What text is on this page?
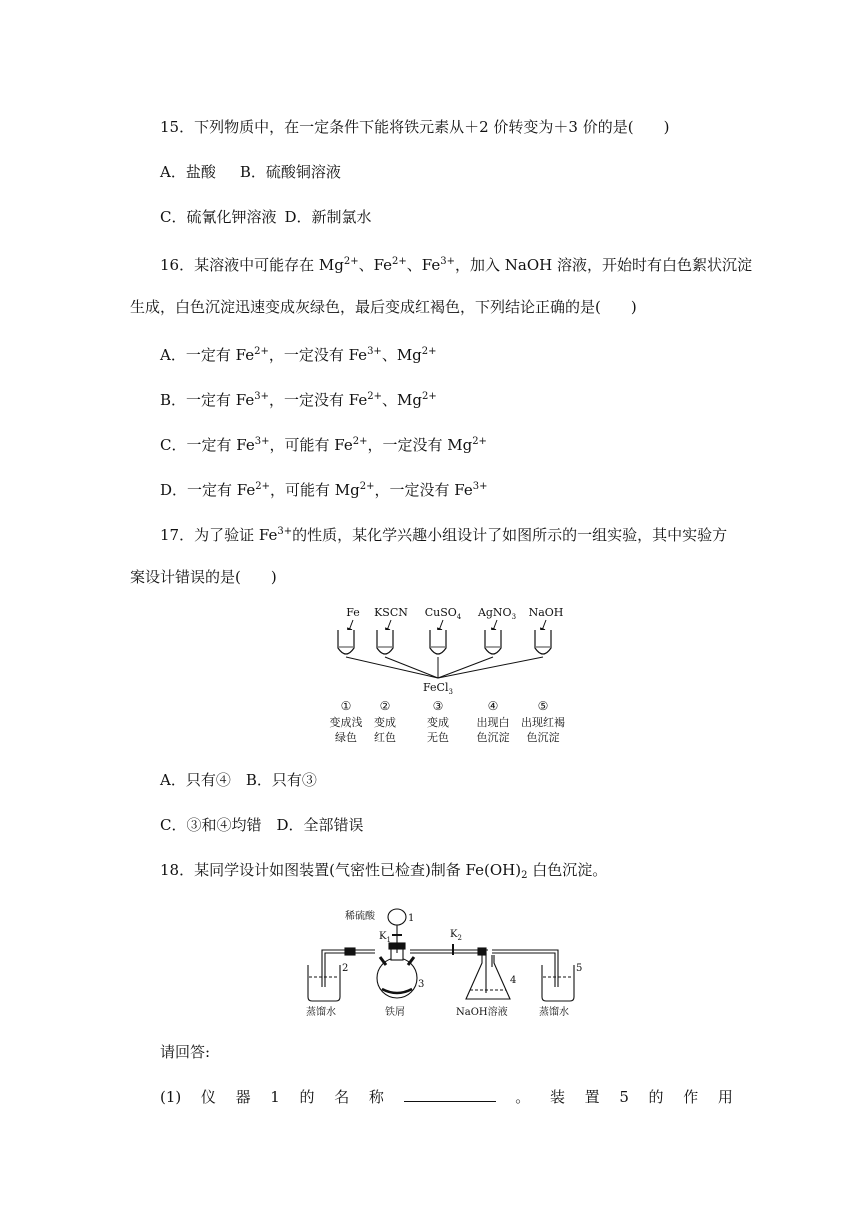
15．下列物质中，在一定条件下能将铁元素从＋2 价转变为＋3 价的是(　　)
A．盐酸 B．硫酸铜溶液
C．硫氰化钾溶液 D．新制氯水
16．某溶液中可能存在 $Mg^{2+}$、$Fe^{2+}$、$Fe^{3+}$，加入 NaOH 溶液，开始时有白色絮状沉淀
生成，白色沉淀迅速变成灰绿色，最后变成红褐色，下列结论正确的是(　　)
A．一定有 $Fe^{2+}$，一定没有 $Fe^{3+}$、$Mg^{2+}$
B．一定有 $Fe^{3+}$，一定没有 $Fe^{2+}$、$Mg^{2+}$
C．一定有 $Fe^{3+}$，可能有 $Fe^{2+}$，一定没有 $Mg^{2+}$
D．一定有 $Fe^{2+}$，可能有 $Mg^{2+}$，一定没有 $Fe^{3+}$
17．为了验证 $Fe^{3+}$的性质，某化学兴趣小组设计了如图所示的一组实验，其中实验方
案设计错误的是(　　)
Fe KSCN CuSO$_4$ AgNO$_3$ NaOH
FeCl$_3$
① ②	③	④	⑤
变成浅 变成	变成	出现白 出现红褐
绿色 红色	无色	色沉淀 色沉淀
A．只有④　B．只有③
C．③和④均错　D．全部错误
18．某同学设计如图装置(气密性已检查)制备 $Fe(OH)_2$ 白色沉淀。
稀硫酸	1
$K_1$	$K_2$
2
3	4
5
蒸馏水	铁屑	NaOH溶液	蒸馏水
请回答:
(1) 仪 器 1 的 名 称	。 装 置 5 的 作 用
